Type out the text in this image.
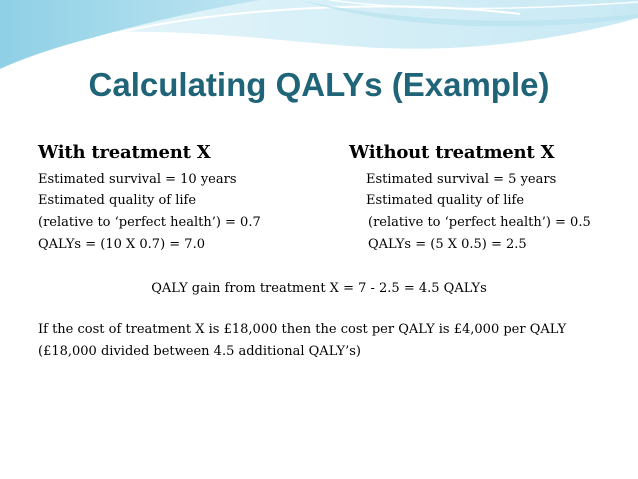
Calculating QALYs (Example)
With treatment X	Without treatment X
Estimated survival = 10 years
Estimated quality of life
(relative to ‘perfect health’) = 0.7
QALYs = (10 X 0.7) = 7.0
Estimated survival = 5 years
Estimated quality of life
(relative to ‘perfect health’) = 0.5
QALYs = (5 X 0.5) = 2.5
QALY gain from treatment X = 7 - 2.5 = 4.5 QALYs
If the cost of treatment X is £18,000 then the cost per QALY is £4,000 per QALY
(£18,000 divided between 4.5 additional QALY’s)
